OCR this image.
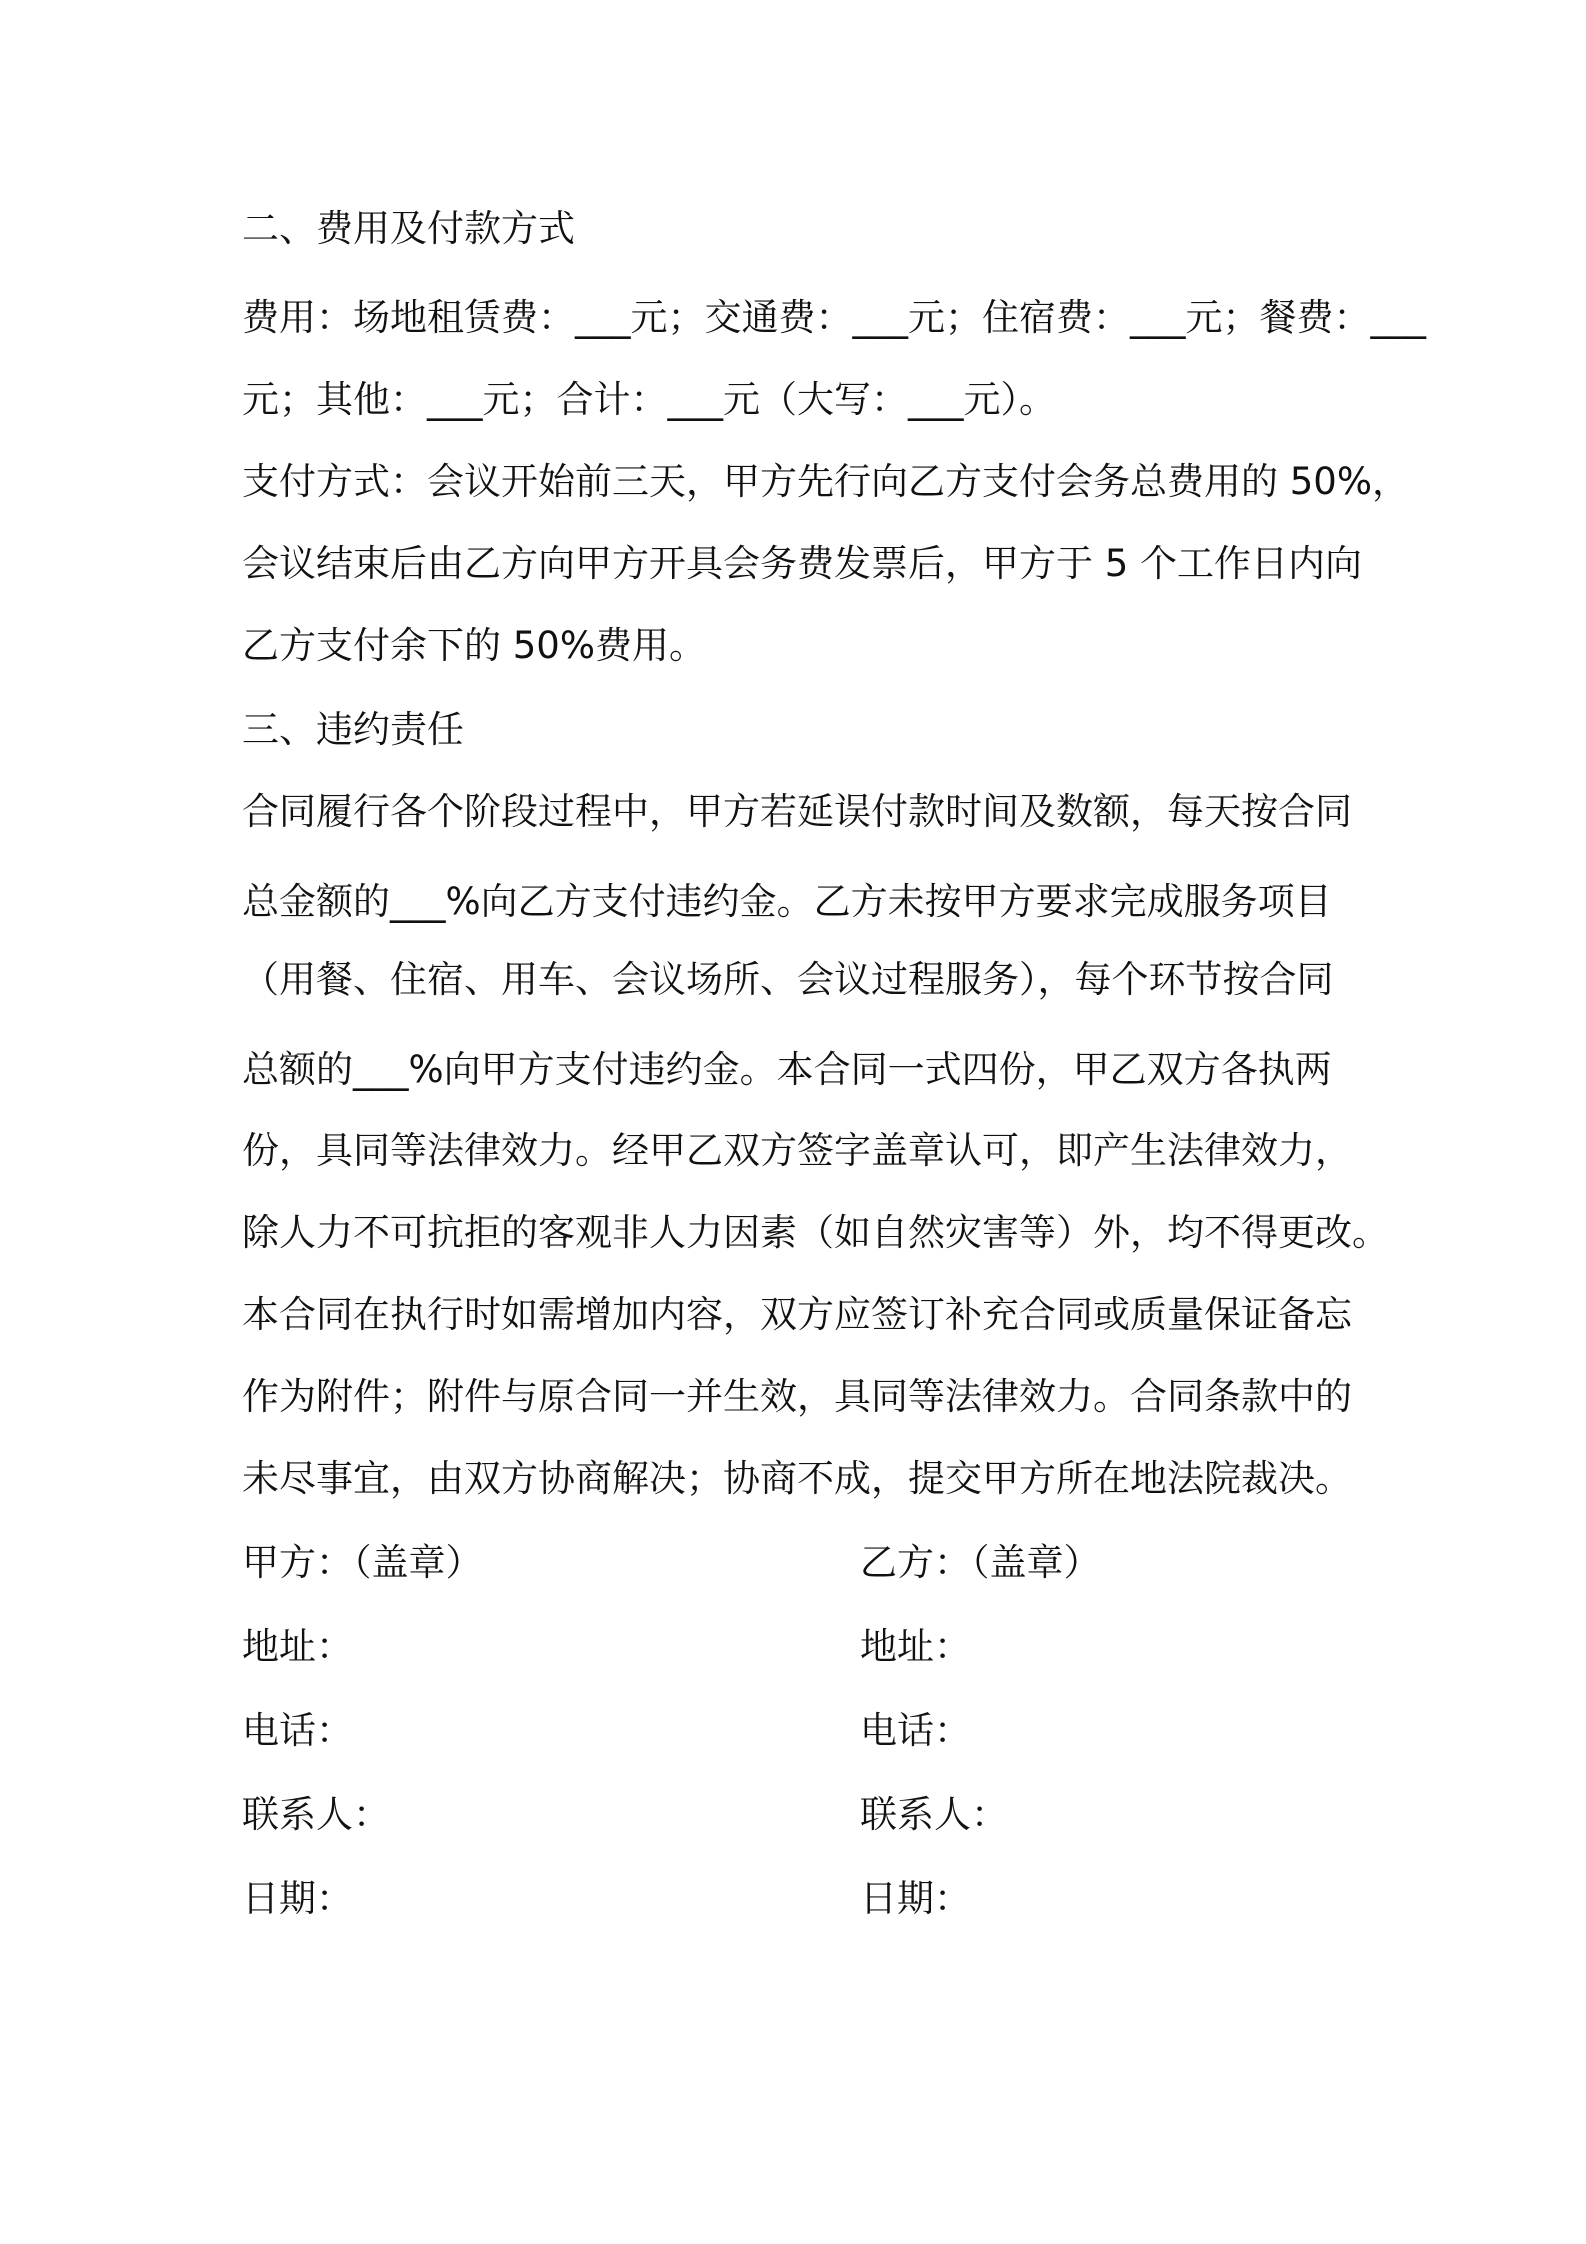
二、费用及付款方式
费用：场地租赁费：___元；交通费：___元；住宿费：___元；餐费：___
元；其他：___元；合计：___元（大写：___元）。
支付方式：会议开始前三天，甲方先行向乙方支付会务总费用的 50%，
会议结束后由乙方向甲方开具会务费发票后，甲方于 5 个工作日内向
乙方支付余下的 50%费用。
三、违约责任
合同履行各个阶段过程中，甲方若延误付款时间及数额，每天按合同
总金额的___%向乙方支付违约金。乙方未按甲方要求完成服务项目
（用餐、住宿、用车、会议场所、会议过程服务），每个环节按合同
总额的___%向甲方支付违约金。本合同一式四份，甲乙双方各执两
份，具同等法律效力。经甲乙双方签字盖章认可，即产生法律效力，
除人力不可抗拒的客观非人力因素（如自然灾害等）外，均不得更改。
本合同在执行时如需增加内容，双方应签订补充合同或质量保证备忘
作为附件；附件与原合同一并生效，具同等法律效力。合同条款中的
未尽事宜，由双方协商解决；协商不成，提交甲方所在地法院裁决。
甲方：（盖章）	乙方：（盖章）
地址：	地址：
电话：	电话：
联系人：	联系人：
日期：	日期：
